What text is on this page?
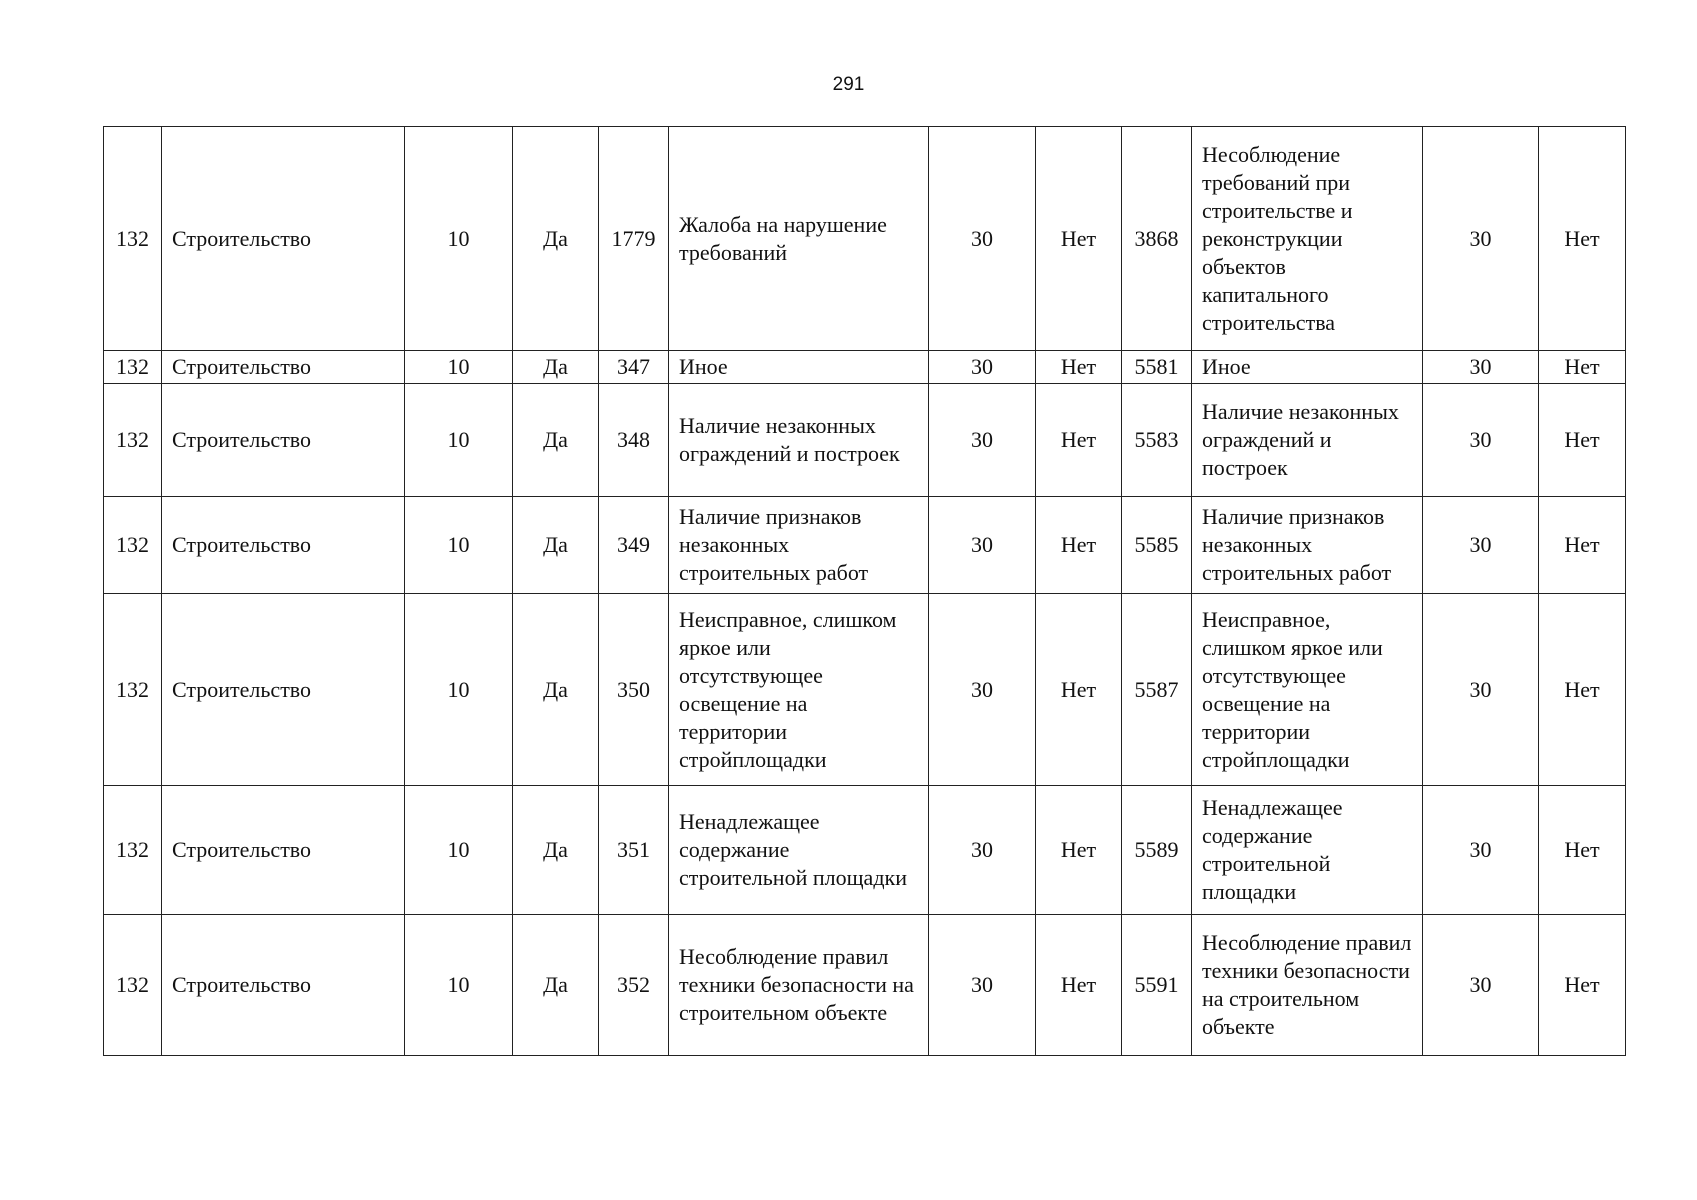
291
132	Строительство	10	Да	1779	Жалоба на нарушение требований	30	Нет	3868	Несоблюдение требований при строительстве и реконструкции объектов капитального строительства	30	Нет
132	Строительство	10	Да	347	Иное	30	Нет	5581	Иное	30	Нет
132	Строительство	10	Да	348	Наличие незаконных ограждений и построек	30	Нет	5583	Наличие незаконных ограждений и построек	30	Нет
132	Строительство	10	Да	349	Наличие признаков незаконных строительных работ	30	Нет	5585	Наличие признаков незаконных строительных работ	30	Нет
132	Строительство	10	Да	350	Неисправное, слишком яркое или отсутствующее освещение на территории стройплощадки	30	Нет	5587	Неисправное, слишком яркое или отсутствующее освещение на территории стройплощадки	30	Нет
132	Строительство	10	Да	351	Ненадлежащее содержание строительной площадки	30	Нет	5589	Ненадлежащее содержание строительной площадки	30	Нет
132	Строительство	10	Да	352	Несоблюдение правил техники безопасности на строительном объекте	30	Нет	5591	Несоблюдение правил техники безопасности на строительном объекте	30	Нет
